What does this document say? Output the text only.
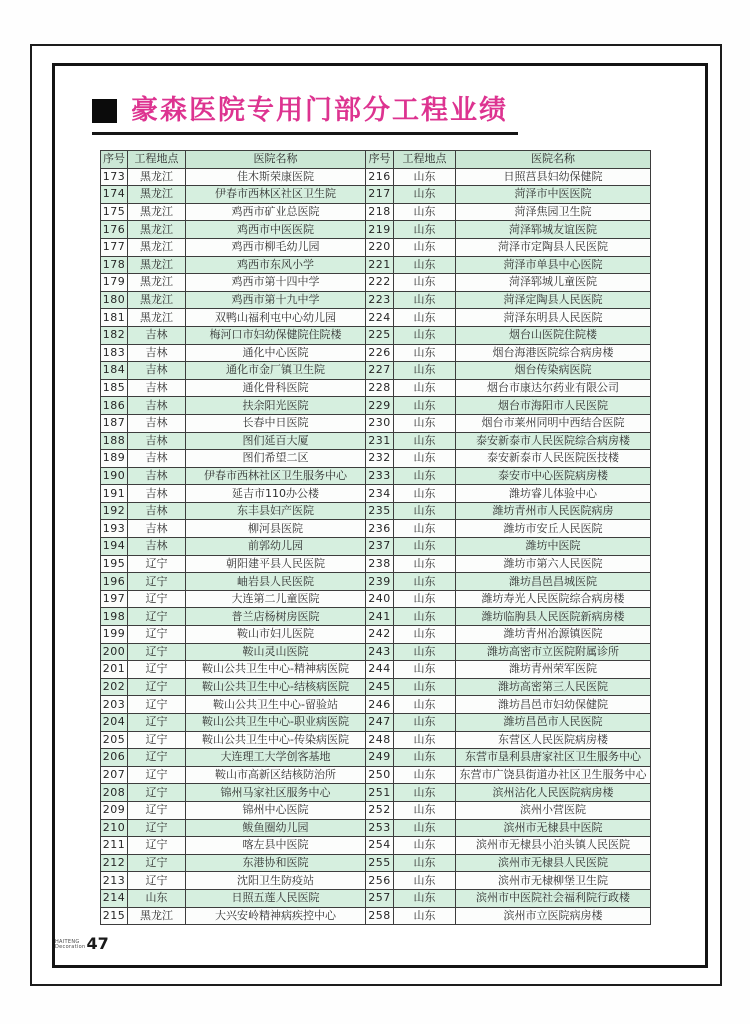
豪森医院专用门部分工程业绩
序号	工程地点	医院名称	序号	工程地点	医院名称
173	黑龙江	佳木斯荣康医院	216	山东	日照莒县妇幼保健院
174	黑龙江	伊春市西林区社区卫生院	217	山东	菏泽市中医医院
175	黑龙江	鸡西市矿业总医院	218	山东	菏泽焦园卫生院
176	黑龙江	鸡西市中医医院	219	山东	菏泽郓城友谊医院
177	黑龙江	鸡西市柳毛幼儿园	220	山东	菏泽市定陶县人民医院
178	黑龙江	鸡西市东风小学	221	山东	菏泽市单县中心医院
179	黑龙江	鸡西市第十四中学	222	山东	菏泽郓城儿童医院
180	黑龙江	鸡西市第十九中学	223	山东	菏泽定陶县人民医院
181	黑龙江	双鸭山福利屯中心幼儿园	224	山东	菏泽东明县人民医院
182	吉林	梅河口市妇幼保健院住院楼	225	山东	烟台山医院住院楼
183	吉林	通化中心医院	226	山东	烟台海港医院综合病房楼
184	吉林	通化市金厂镇卫生院	227	山东	烟台传染病医院
185	吉林	通化骨科医院	228	山东	烟台市康达尔药业有限公司
186	吉林	扶余阳光医院	229	山东	烟台市海阳市人民医院
187	吉林	长春中日医院	230	山东	烟台市莱州同明中西结合医院
188	吉林	图们延百大厦	231	山东	泰安新泰市人民医院综合病房楼
189	吉林	图们希望二区	232	山东	泰安新泰市人民医院医技楼
190	吉林	伊春市西林社区卫生服务中心	233	山东	泰安市中心医院病房楼
191	吉林	延吉市110办公楼	234	山东	潍坊睿儿体验中心
192	吉林	东丰县妇产医院	235	山东	潍坊青州市人民医院病房
193	吉林	柳河县医院	236	山东	潍坊市安丘人民医院
194	吉林	前郭幼儿园	237	山东	潍坊中医院
195	辽宁	朝阳建平县人民医院	238	山东	潍坊市第六人民医院
196	辽宁	岫岩县人民医院	239	山东	潍坊昌邑昌城医院
197	辽宁	大连第二儿童医院	240	山东	潍坊寿光人民医院综合病房楼
198	辽宁	普兰店杨树房医院	241	山东	潍坊临朐县人民医院新病房楼
199	辽宁	鞍山市妇儿医院	242	山东	潍坊青州冶源镇医院
200	辽宁	鞍山灵山医院	243	山东	潍坊高密市立医院附属诊所
201	辽宁	鞍山公共卫生中心-精神病医院	244	山东	潍坊青州荣军医院
202	辽宁	鞍山公共卫生中心-结核病医院	245	山东	潍坊高密第三人民医院
203	辽宁	鞍山公共卫生中心-留验站	246	山东	潍坊昌邑市妇幼保健院
204	辽宁	鞍山公共卫生中心-职业病医院	247	山东	潍坊昌邑市人民医院
205	辽宁	鞍山公共卫生中心-传染病医院	248	山东	东营区人民医院病房楼
206	辽宁	大连理工大学创客基地	249	山东	东营市垦利县唐家社区卫生服务中心
207	辽宁	鞍山市高新区结核防治所	250	山东	东营市广饶县街道办社区卫生服务中心
208	辽宁	锦州马家社区服务中心	251	山东	滨州沾化人民医院病房楼
209	辽宁	锦州中心医院	252	山东	滨州小营医院
210	辽宁	鲅鱼圈幼儿园	253	山东	滨州市无棣县中医院
211	辽宁	喀左县中医院	254	山东	滨州市无棣县小泊头镇人民医院
212	辽宁	东港协和医院	255	山东	滨州市无棣县人民医院
213	辽宁	沈阳卫生防疫站	256	山东	滨州市无棣柳堡卫生院
214	山东	日照五莲人民医院	257	山东	滨州市中医院社会福利院行政楼
215	黑龙江	大兴安岭精神病疾控中心	258	山东	滨州市立医院病房楼
HAITENG
Decoration 47
